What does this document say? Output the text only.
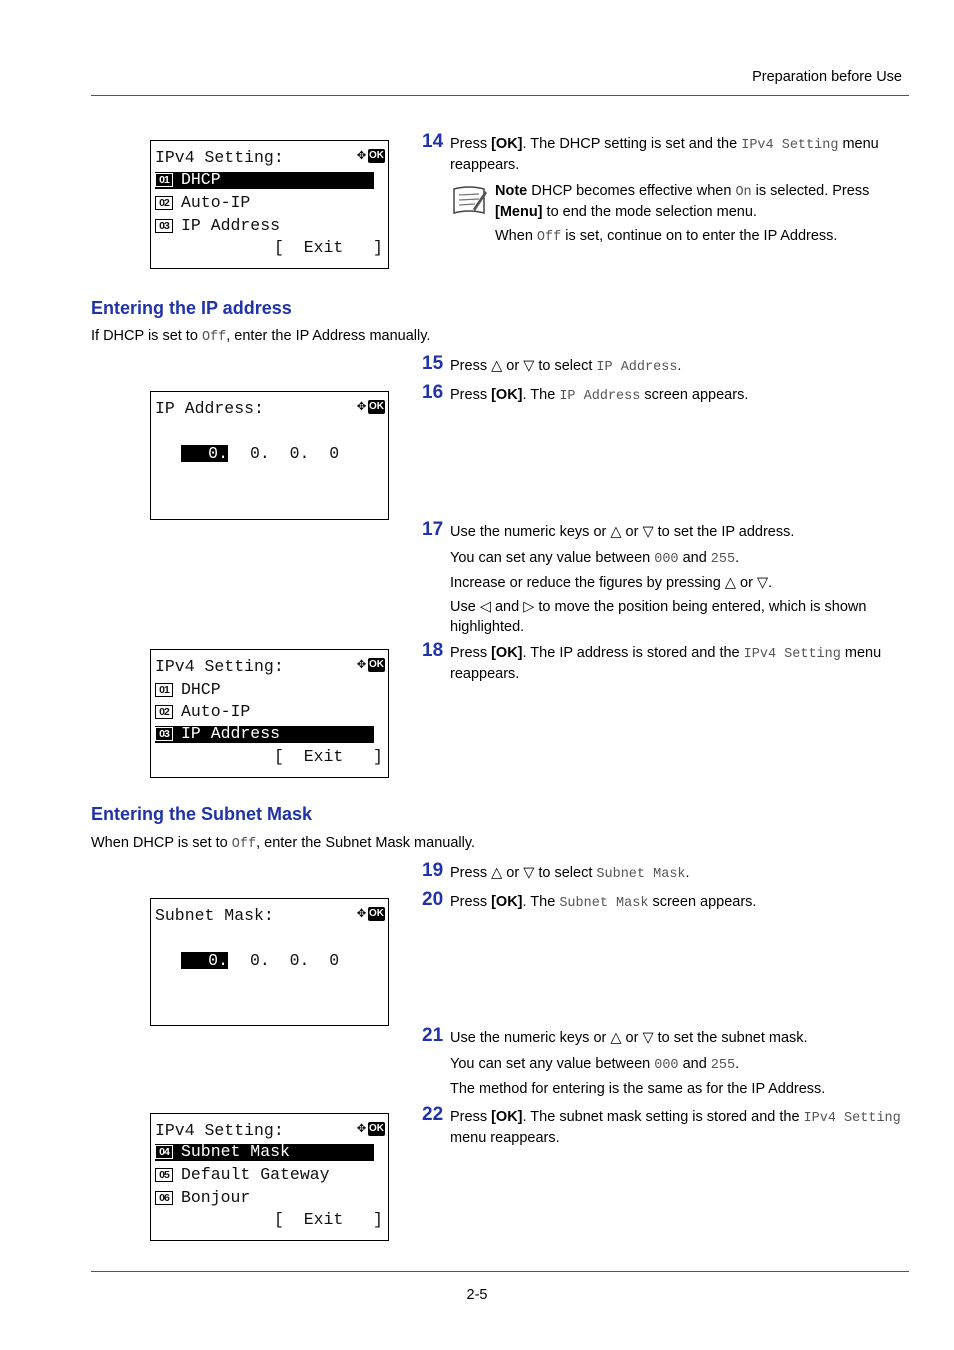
Preparation before Use
IPv4 Setting:	✥ OK
01 DHCP
02 Auto-IP
03 IP Address
[  Exit   ]
14 Press [OK]. The DHCP setting is set and the IPv4 Setting menu reappears.
Note DHCP becomes effective when On is selected. Press [Menu] to end the mode selection menu.
When Off is set, continue on to enter the IP Address.
Entering the IP address
If DHCP is set to Off, enter the IP Address manually.
15 Press △ or ▽ to select IP Address.
16 Press [OK]. The IP Address screen appears.
IP Address:	✥ OK
0. 0.  0.  0
17 Use the numeric keys or △ or ▽ to set the IP address.
You can set any value between 000 and 255.
Increase or reduce the figures by pressing △ or ▽.
Use ◁ and ▷ to move the position being entered, which is shown highlighted.
18 Press [OK]. The IP address is stored and the IPv4 Setting menu reappears.
IPv4 Setting:	✥ OK
01 DHCP
02 Auto-IP
03 IP Address
[  Exit   ]
Entering the Subnet Mask
When DHCP is set to Off, enter the Subnet Mask manually.
19 Press △ or ▽ to select Subnet Mask.
20 Press [OK]. The Subnet Mask screen appears.
Subnet Mask:	✥ OK
0. 0.  0.  0
21 Use the numeric keys or △ or ▽ to set the subnet mask.
You can set any value between 000 and 255.
The method for entering is the same as for the IP Address.
22 Press [OK]. The subnet mask setting is stored and the IPv4 Setting menu reappears.
IPv4 Setting:	✥ OK
04 Subnet Mask
05 Default Gateway
06 Bonjour
[  Exit   ]
2-5
